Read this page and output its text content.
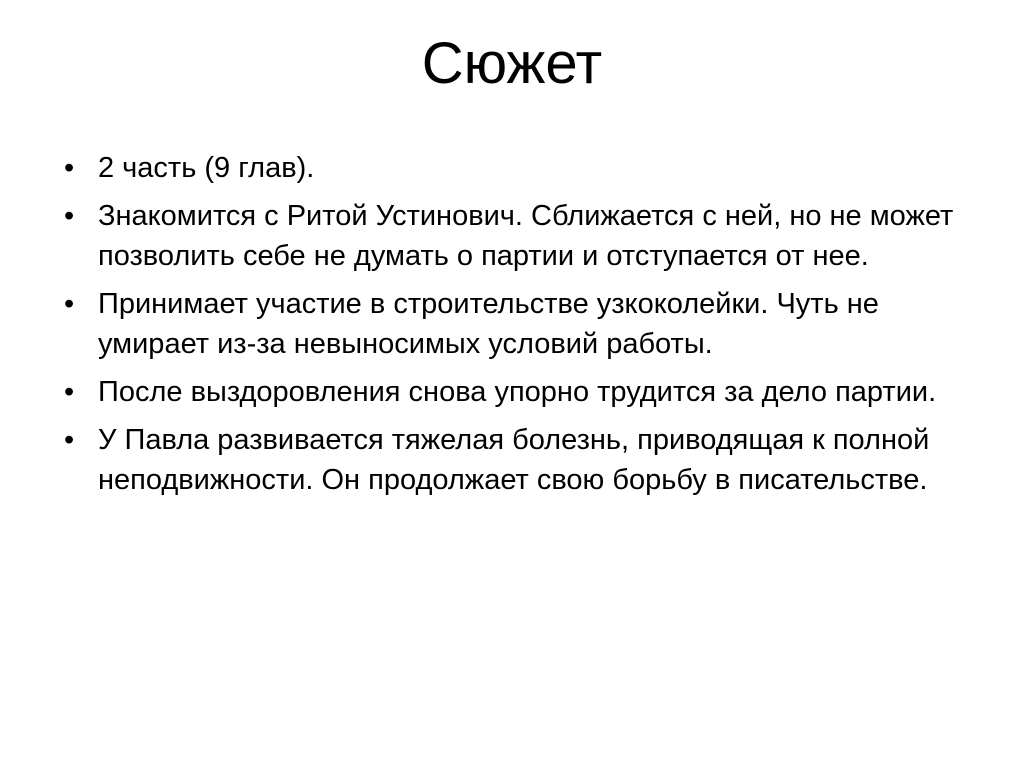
Сюжет
• 2 часть (9 глав).
• Знакомится с Ритой Устинович. Сближается с ней, но не может позволить себе не думать о партии и отступается от нее.
• Принимает участие в строительстве узкоколейки. Чуть не умирает из-за невыносимых условий работы.
• После выздоровления снова упорно трудится за дело партии.
• У Павла развивается тяжелая болезнь, приводящая к полной неподвижности. Он продолжает свою борьбу в писательстве.
